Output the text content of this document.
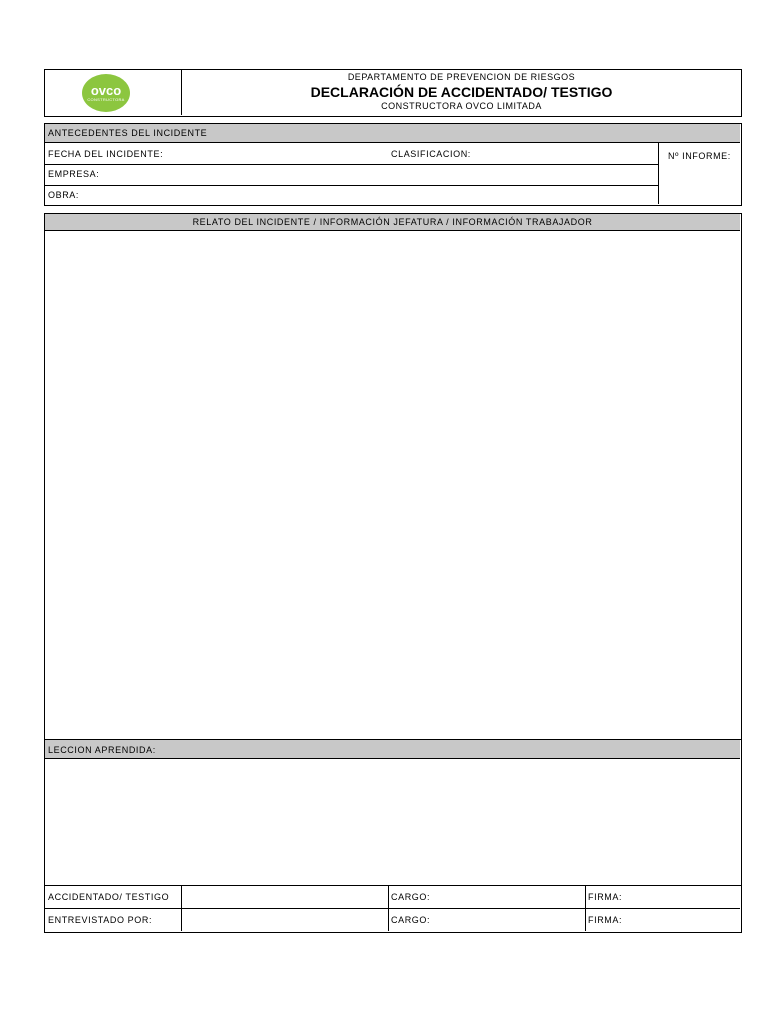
ovco
CONSTRUCTORA
DEPARTAMENTO DE PREVENCION DE RIESGOS
DECLARACIÓN DE ACCIDENTADO/ TESTIGO
CONSTRUCTORA OVCO LIMITADA
ANTECEDENTES DEL INCIDENTE
FECHA DEL INCIDENTE:	CLASIFICACION:	Nº INFORME:
EMPRESA:
OBRA:
RELATO DEL INCIDENTE / INFORMACIÓN JEFATURA / INFORMACIÓN TRABAJADOR
LECCION APRENDIDA:
ACCIDENTADO/ TESTIGO	CARGO:	FIRMA:
ENTREVISTADO POR:	CARGO:	FIRMA:
